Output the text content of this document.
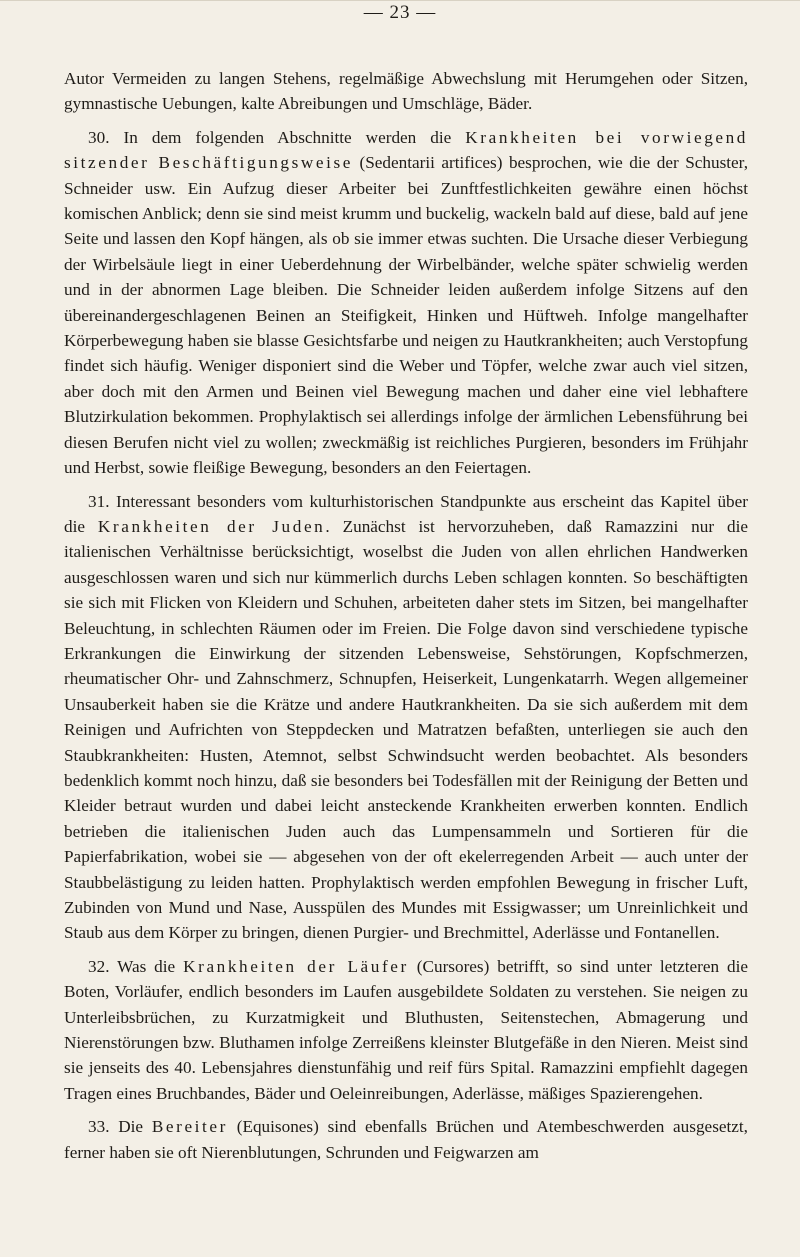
— 23 —

Autor Vermeiden zu langen Stehens, regelmäßige Abwechslung mit Herumgehen oder Sitzen, gymnastische Uebungen, kalte Abreibungen und Umschläge, Bäder.

30. In dem folgenden Abschnitte werden die Krankheiten bei vorwiegend sitzender Beschäftigungsweise (Sedentarii artifices) besprochen, wie die der Schuster, Schneider usw. Ein Aufzug dieser Arbeiter bei Zunftfestlichkeiten gewähre einen höchst komischen Anblick; denn sie sind meist krumm und buckelig, wackeln bald auf diese, bald auf jene Seite und lassen den Kopf hängen, als ob sie immer etwas suchten. Die Ursache dieser Verbiegung der Wirbelsäule liegt in einer Ueberdehnung der Wirbelbänder, welche später schwielig werden und in der abnormen Lage bleiben. Die Schneider leiden außerdem infolge Sitzens auf den übereinandergeschlagenen Beinen an Steifigkeit, Hinken und Hüftweh. Infolge mangelhafter Körperbewegung haben sie blasse Gesichtsfarbe und neigen zu Hautkrankheiten; auch Verstopfung findet sich häufig. Weniger disponiert sind die Weber und Töpfer, welche zwar auch viel sitzen, aber doch mit den Armen und Beinen viel Bewegung machen und daher eine viel lebhaftere Blutzirkulation bekommen. Prophylaktisch sei allerdings infolge der ärmlichen Lebensführung bei diesen Berufen nicht viel zu wollen; zweckmäßig ist reichliches Purgieren, besonders im Frühjahr und Herbst, sowie fleißige Bewegung, besonders an den Feiertagen.

31. Interessant besonders vom kulturhistorischen Standpunkte aus erscheint das Kapitel über die Krankheiten der Juden. Zunächst ist hervorzuheben, daß Ramazzini nur die italienischen Verhältnisse berücksichtigt, woselbst die Juden von allen ehrlichen Handwerken ausgeschlossen waren und sich nur kümmerlich durchs Leben schlagen konnten. So beschäftigten sie sich mit Flicken von Kleidern und Schuhen, arbeiteten daher stets im Sitzen, bei mangelhafter Beleuchtung, in schlechten Räumen oder im Freien. Die Folge davon sind verschiedene typische Erkrankungen die Einwirkung der sitzenden Lebensweise, Sehstörungen, Kopfschmerzen, rheumatischer Ohr- und Zahnschmerz, Schnupfen, Heiserkeit, Lungenkatarrh. Wegen allgemeiner Unsauberkeit haben sie die Krätze und andere Hautkrankheiten. Da sie sich außerdem mit dem Reinigen und Aufrichten von Steppdecken und Matratzen befaßten, unterliegen sie auch den Staubkrankheiten: Husten, Atemnot, selbst Schwindsucht werden beobachtet. Als besonders bedenklich kommt noch hinzu, daß sie besonders bei Todesfällen mit der Reinigung der Betten und Kleider betraut wurden und dabei leicht ansteckende Krankheiten erwerben konnten. Endlich betrieben die italienischen Juden auch das Lumpensammeln und Sortieren für die Papierfabrikation, wobei sie — abgesehen von der oft ekelerregenden Arbeit — auch unter der Staubbelästigung zu leiden hatten. Prophylaktisch werden empfohlen Bewegung in frischer Luft, Zubinden von Mund und Nase, Ausspülen des Mundes mit Essigwasser; um Unreinlichkeit und Staub aus dem Körper zu bringen, dienen Purgier- und Brechmittel, Aderlässe und Fontanellen.

32. Was die Krankheiten der Läufer (Cursores) betrifft, so sind unter letzteren die Boten, Vorläufer, endlich besonders im Laufen ausgebildete Soldaten zu verstehen. Sie neigen zu Unterleibsbrüchen, zu Kurzatmigkeit und Bluthusten, Seitenstechen, Abmagerung und Nierenstörungen bzw. Bluthamen infolge Zerreißens kleinster Blutgefäße in den Nieren. Meist sind sie jenseits des 40. Lebensjahres dienstunfähig und reif fürs Spital. Ramazzini empfiehlt dagegen Tragen eines Bruchbandes, Bäder und Oeleinreibungen, Aderlässe, mäßiges Spazierengehen.

33. Die Bereiter (Equisones) sind ebenfalls Brüchen und Atembeschwerden ausgesetzt, ferner haben sie oft Nierenblutungen, Schrunden und Feigwarzen am
